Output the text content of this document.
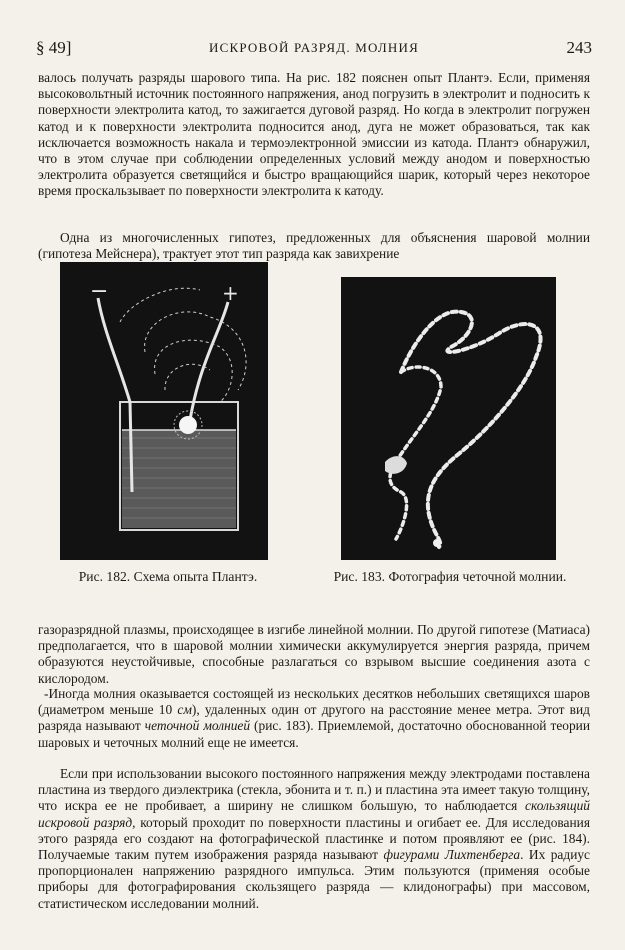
§ 49]	ИСКРОВОЙ РАЗРЯД. МОЛНИЯ	243

валось получать разряды шарового типа. На рис. 182 пояснен опыт Плантэ. Если, применяя высоковольтный источник постоянного напряжения, анод погрузить в электролит и подносить к поверхности электролита катод, то зажигается дуговой разряд. Но когда в электролит погружен катод и к поверхности электролита подносится анод, дуга не может образоваться, так как исключается возможность накала и термоэлектронной эмиссии из катода. Плантэ обнаружил, что в этом случае при соблюдении определенных условий между анодом и поверхностью электролита образуется светящийся и быстро вращающийся шарик, который через некоторое время проскальзывает по поверхности электролита к катоду.

Одна из многочисленных гипотез, предложенных для объяснения шаровой молнии (гипотеза Мейснера), трактует этот тип разряда как завихрение

−	+
Рис. 182. Схема опыта Плантэ.	Рис. 183. Фотография четочной молнии.

газоразрядной плазмы, происходящее в изгибе линейной молнии. По другой гипотезе (Матиаса) предполагается, что в шаровой молнии химически аккумулируется энергия разряда, причем образуются неустойчивые, способные разлагаться со взрывом высшие соединения азота с кислородом.

-Иногда молния оказывается состоящей из нескольких десятков небольших светящихся шаров (диаметром меньше 10 см), удаленных один от другого на расстояние менее метра. Этот вид разряда называют четочной молнией (рис. 183). Приемлемой, достаточно обоснованной теории шаровых и четочных молний еще не имеется.

Если при использовании высокого постоянного напряжения между электродами поставлена пластина из твердого диэлектрика (стекла, эбонита и т. п.) и пластина эта имеет такую толщину, что искра ее не пробивает, а ширину не слишком большую, то наблюдается скользящий искровой разряд, который проходит по поверхности пластины и огибает ее. Для исследования этого разряда его создают на фотографической пластинке и потом проявляют ее (рис. 184). Получаемые таким путем изображения разряда называют фигурами Лихтенберга. Их радиус пропорционален напряжению разрядного импульса. Этим пользуются (применяя особые приборы для фотографирования скользящего разряда — клидонографы) при массовом, статистическом исследовании молний.
